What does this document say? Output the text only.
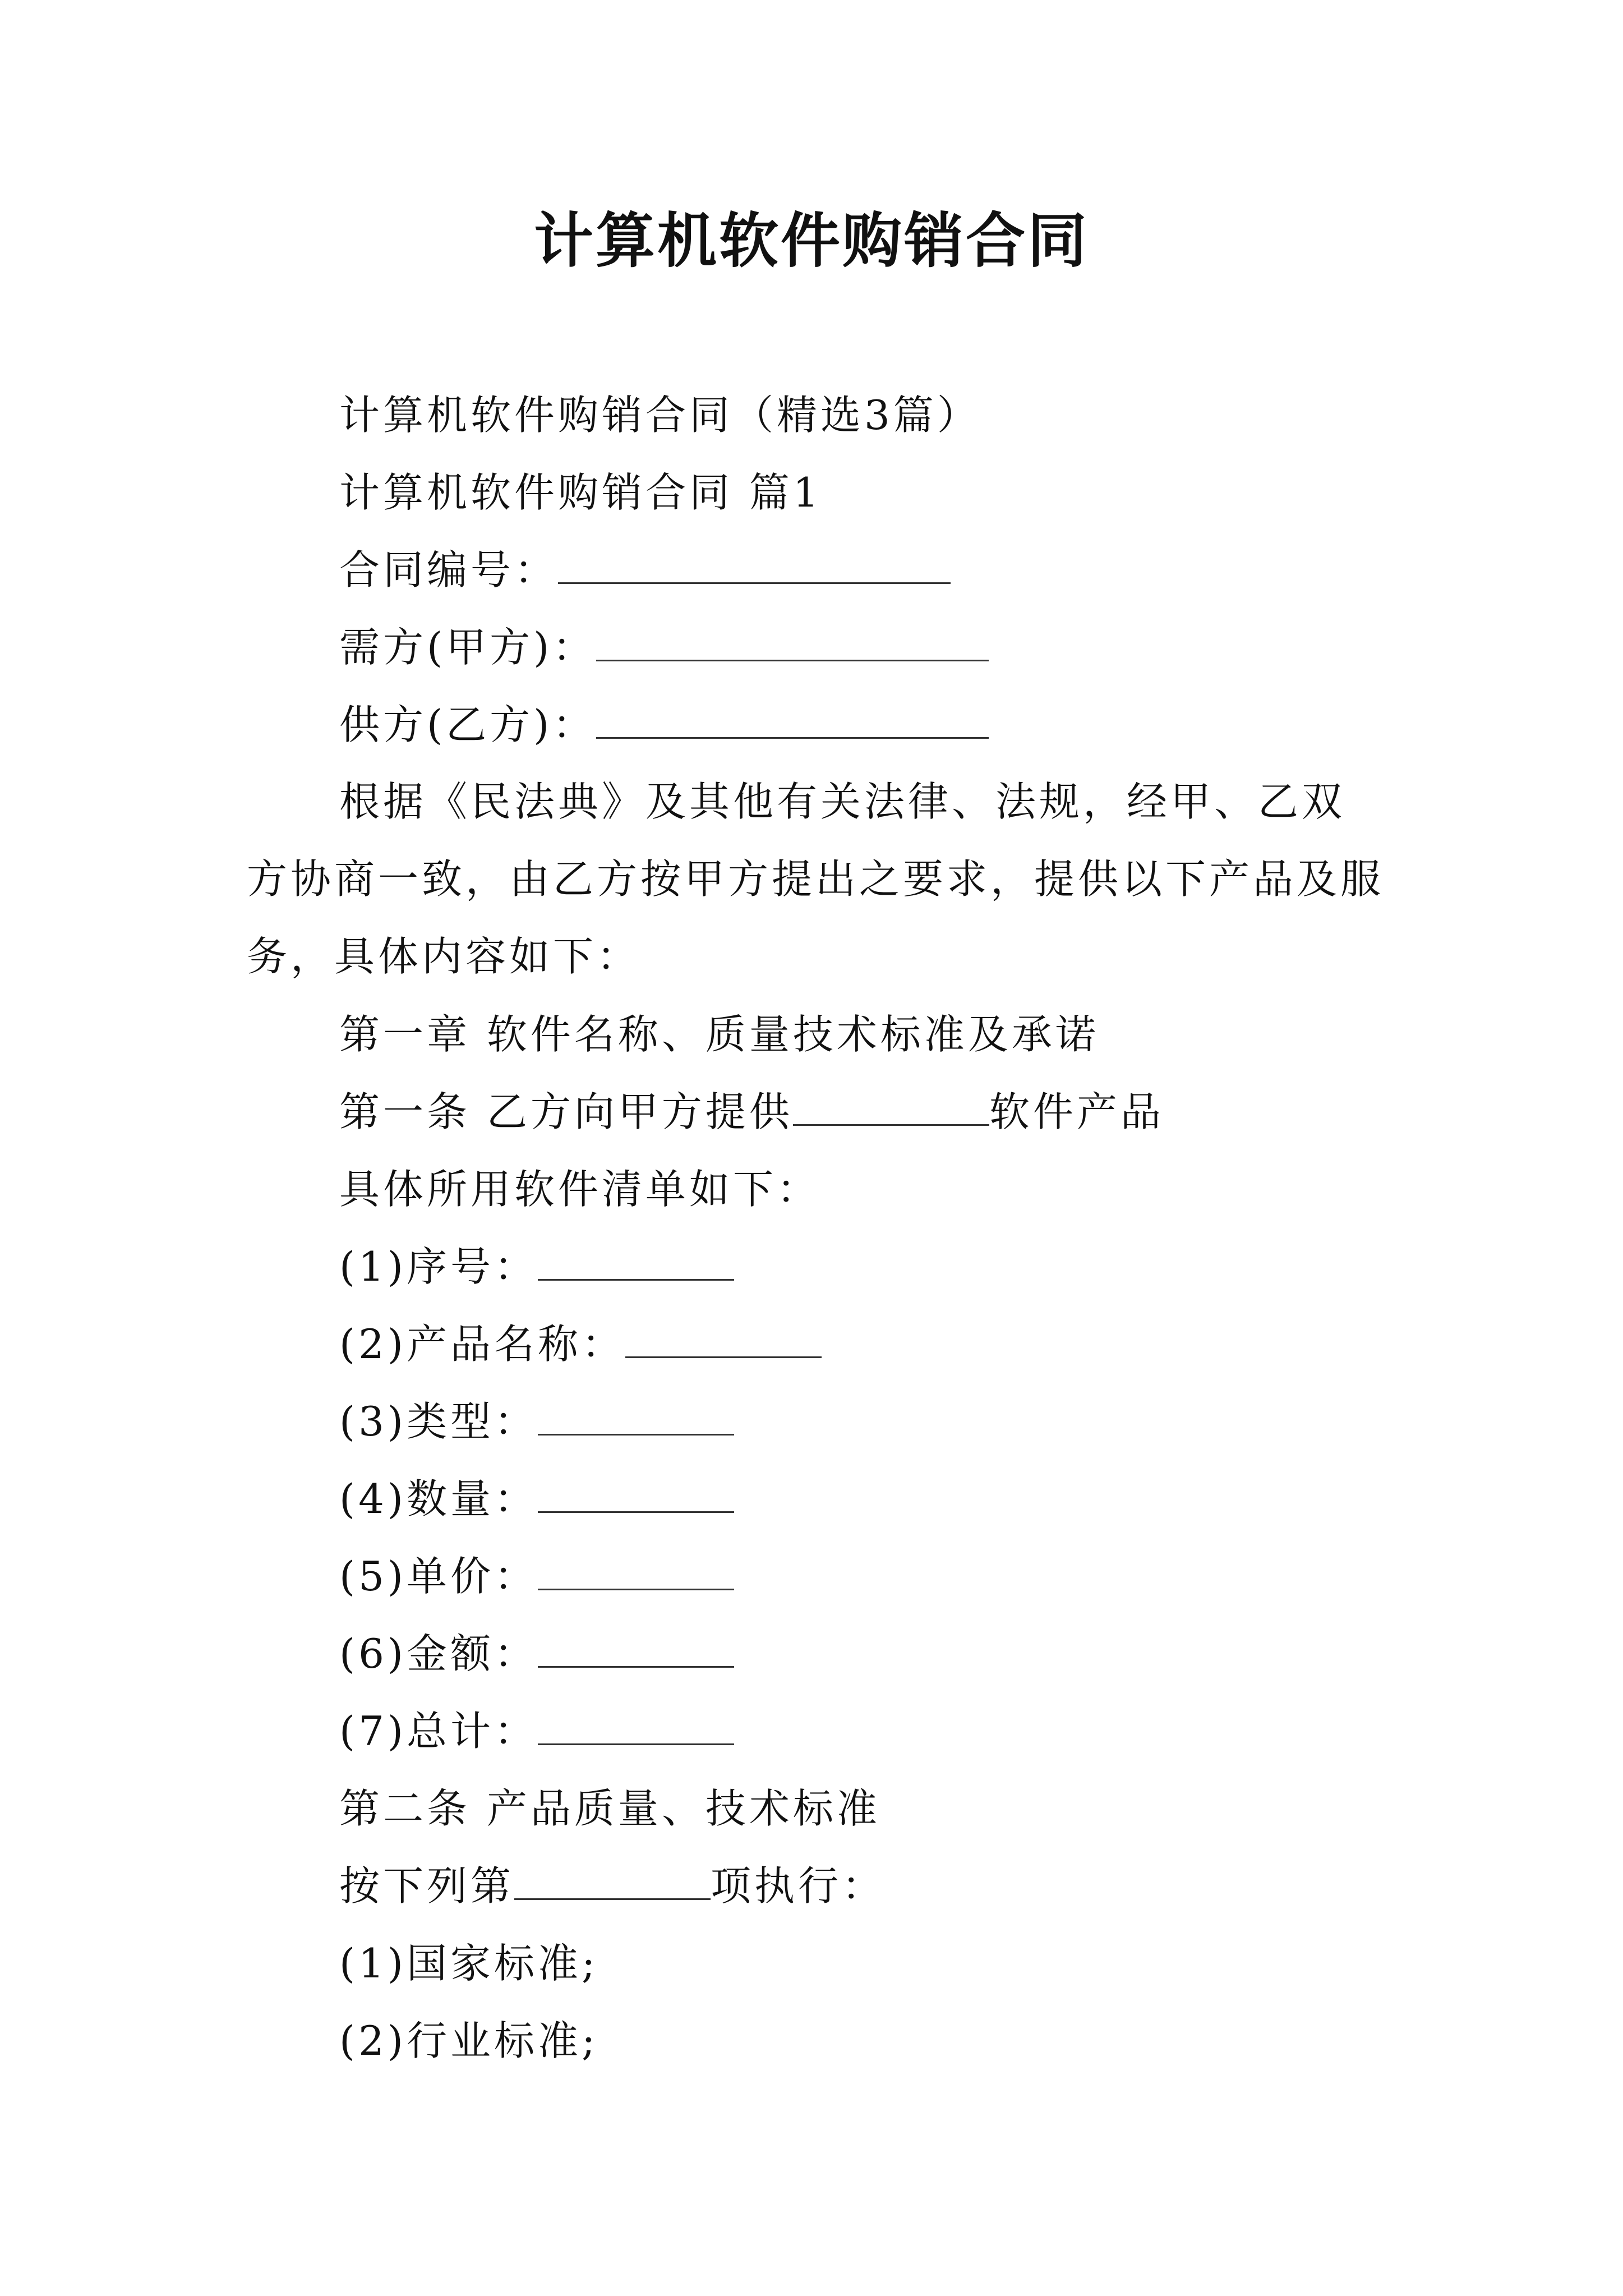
计算机软件购销合同
计算机软件购销合同（精选3篇）
计算机软件购销合同 篇1
合同编号：
需方(甲方)：
供方(乙方)：
根据《民法典》及其他有关法律、法规，经甲、乙双方协商一致，由乙方按甲方提出之要求，提供以下产品及服务，具体内容如下：
第一章 软件名称、质量技术标准及承诺
第一条 乙方向甲方提供	软件产品
具体所用软件清单如下：
(1)序号：
(2)产品名称：
(3)类型：
(4)数量：
(5)单价：
(6)金额：
(7)总计：
第二条 产品质量、技术标准
按下列第	项执行：
(1)国家标准;
(2)行业标准;
